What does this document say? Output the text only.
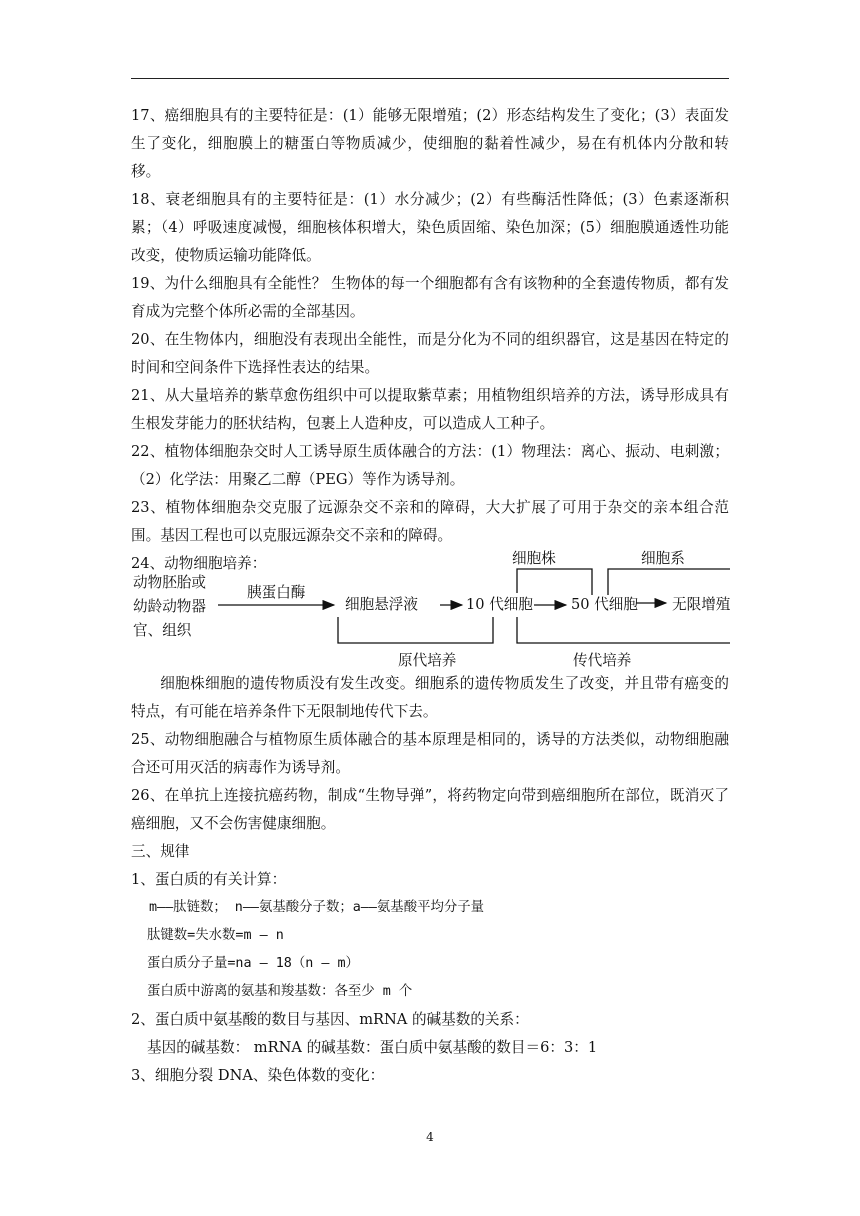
17、癌细胞具有的主要特征是：(1）能够无限增殖；(2）形态结构发生了变化；(3）表面发生了变化，细胞膜上的糖蛋白等物质减少，使细胞的黏着性减少，易在有机体内分散和转移。

18、衰老细胞具有的主要特征是：(1）水分减少；(2）有些酶活性降低；(3）色素逐渐积累；（4）呼吸速度减慢，细胞核体积增大，染色质固缩、染色加深；(5）细胞膜通透性功能改变，使物质运输功能降低。

19、为什么细胞具有全能性？ 生物体的每一个细胞都有含有该物种的全套遗传物质，都有发育成为完整个体所必需的全部基因。

20、在生物体内，细胞没有表现出全能性，而是分化为不同的组织器官，这是基因在特定的时间和空间条件下选择性表达的结果。

21、从大量培养的紫草愈伤组织中可以提取紫草素；用植物组织培养的方法，诱导形成具有生根发芽能力的胚状结构，包裹上人造种皮，可以造成人工种子。

22、植物体细胞杂交时人工诱导原生质体融合的方法：(1）物理法：离心、振动、电刺激；（2）化学法：用聚乙二醇（PEG）等作为诱导剂。

23、植物体细胞杂交克服了远源杂交不亲和的障碍，大大扩展了可用于杂交的亲本组合范围。基因工程也可以克服远源杂交不亲和的障碍。

24、动物细胞培养：

动物胚胎或
幼龄动物器
官、组织
胰蛋白酶
细胞悬浮液	10 代细胞	50 代细胞 无限增殖
细胞株	细胞系
原代培养	传代培养

细胞株细胞的遗传物质没有发生改变。细胞系的遗传物质发生了改变，并且带有癌变的特点，有可能在培养条件下无限制地传代下去。

25、动物细胞融合与植物原生质体融合的基本原理是相同的，诱导的方法类似，动物细胞融合还可用灭活的病毒作为诱导剂。

26、在单抗上连接抗癌药物，制成“生物导弹”，将药物定向带到癌细胞所在部位，既消灭了癌细胞，又不会伤害健康细胞。

三、规律

1、蛋白质的有关计算：

m——肽链数； n——氨基酸分子数；a——氨基酸平均分子量

肽键数=失水数=m – n

蛋白质分子量=na – 18（n – m）

蛋白质中游离的氨基和羧基数：各至少 m 个

2、蛋白质中氨基酸的数目与基因、mRNA 的碱基数的关系：

基因的碱基数： mRNA 的碱基数：蛋白质中氨基酸的数目＝6：3：1

3、细胞分裂 DNA、染色体数的变化：

4
